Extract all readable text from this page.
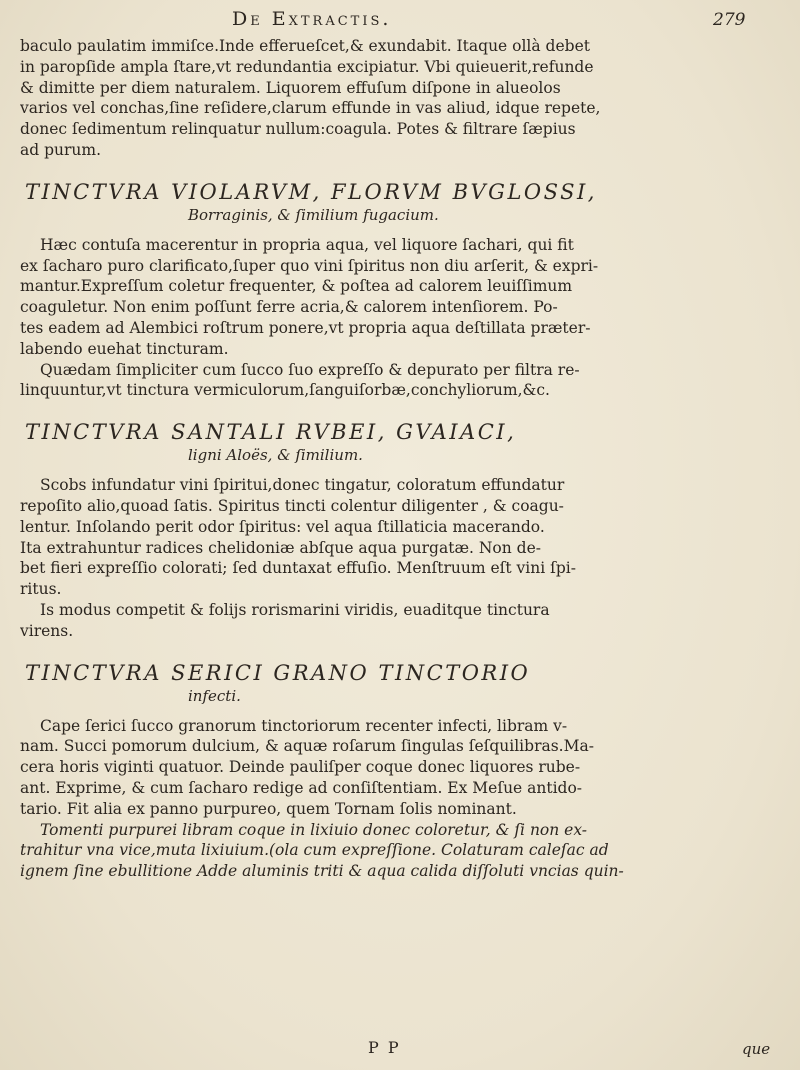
De Extractis.	279

baculo paulatim immiſce.Inde efferueſcet,& exundabit. Itaque ollà debet
in paropſide ampla ſtare,vt redundantia excipiatur. Vbi quieuerit,refunde
& dimitte per diem naturalem. Liquorem effuſum diſpone in alueolos
varios vel conchas,ſine reſidere,clarum effunde in vas aliud, idque repete,
donec ſedimentum relinquatur nullum:coagula. Potes & filtrare ſæpius
ad purum.

TINCTVRA VIOLARVM, FLORVM BVGLOSSI,

Borraginis, & ſimilium fugacium.

Hæc contuſa macerentur in propria aqua, vel liquore ſachari, qui fit
ex ſacharo puro clarificato,ſuper quo vini ſpiritus non diu arſerit, & expri-
mantur.Expreſſum coletur frequenter, & poſtea ad calorem leuiſſimum
coaguletur. Non enim poſſunt ferre acria,& calorem intenſiorem. Po-
tes eadem ad Alembici roſtrum ponere,vt propria aqua deſtillata præter-
labendo euehat tincturam.

Quædam ſimpliciter cum ſucco ſuo expreſſo & depurato per filtra re-
linquuntur,vt tinctura vermiculorum,ſanguiſorbæ,conchyliorum,&c.

TINCTVRA SANTALI RVBEI, GVAIACI,

ligni Aloës, & ſimilium.

Scobs infundatur vini ſpiritui,donec tingatur, coloratum effundatur
repoſito alio,quoad ſatis. Spiritus tincti colentur diligenter , & coagu-
lentur. Inſolando perit odor ſpiritus: vel aqua ſtillaticia macerando.
Ita extrahuntur radices chelidoniæ abſque aqua purgatæ. Non de-
bet fieri expreſſio colorati; ſed duntaxat effuſio. Menſtruum eſt vini ſpi-
ritus.

Is modus competit & folijs rorismarini viridis, euaditque tinctura
virens.

TINCTVRA SERICI GRANO TINCTORIO

infecti.

Cape ſerici ſucco granorum tinctoriorum recenter infecti, libram v-
nam. Succi pomorum dulcium, & aquæ roſarum ſingulas ſeſquilibras.Ma-
cera horis viginti quatuor. Deinde pauliſper coque donec liquores rube-
ant. Exprime, & cum ſacharo redige ad conſiſtentiam. Ex Meſue antido-
tario. Fit alia ex panno purpureo, quem Tornam ſolis nominant.

Tomenti purpurei libram coque in lixiuio donec coloretur, & ſi non ex-
trahitur vna vice,muta lixiuium.(ola cum expreſſione. Colaturam caleſac ad
ignem ſine ebullitione Adde aluminis triti & aqua calida diſſoluti vncias quin-

P P	que
